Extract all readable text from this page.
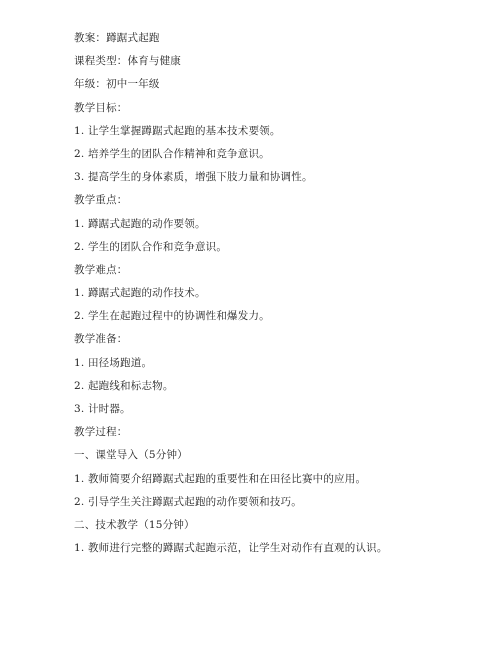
教案：蹲踞式起跑
课程类型：体育与健康
年级：初中一年级
教学目标：
1. 让学生掌握蹲踞式起跑的基本技术要领。
2. 培养学生的团队合作精神和竞争意识。
3. 提高学生的身体素质，增强下肢力量和协调性。
教学重点：
1. 蹲踞式起跑的动作要领。
2. 学生的团队合作和竞争意识。
教学难点：
1. 蹲踞式起跑的动作技术。
2. 学生在起跑过程中的协调性和爆发力。
教学准备：
1. 田径场跑道。
2. 起跑线和标志物。
3. 计时器。
教学过程：
一、课堂导入（5分钟）
1. 教师简要介绍蹲踞式起跑的重要性和在田径比赛中的应用。
2. 引导学生关注蹲踞式起跑的动作要领和技巧。
二、技术教学（15分钟）
1. 教师进行完整的蹲踞式起跑示范，让学生对动作有直观的认识。
